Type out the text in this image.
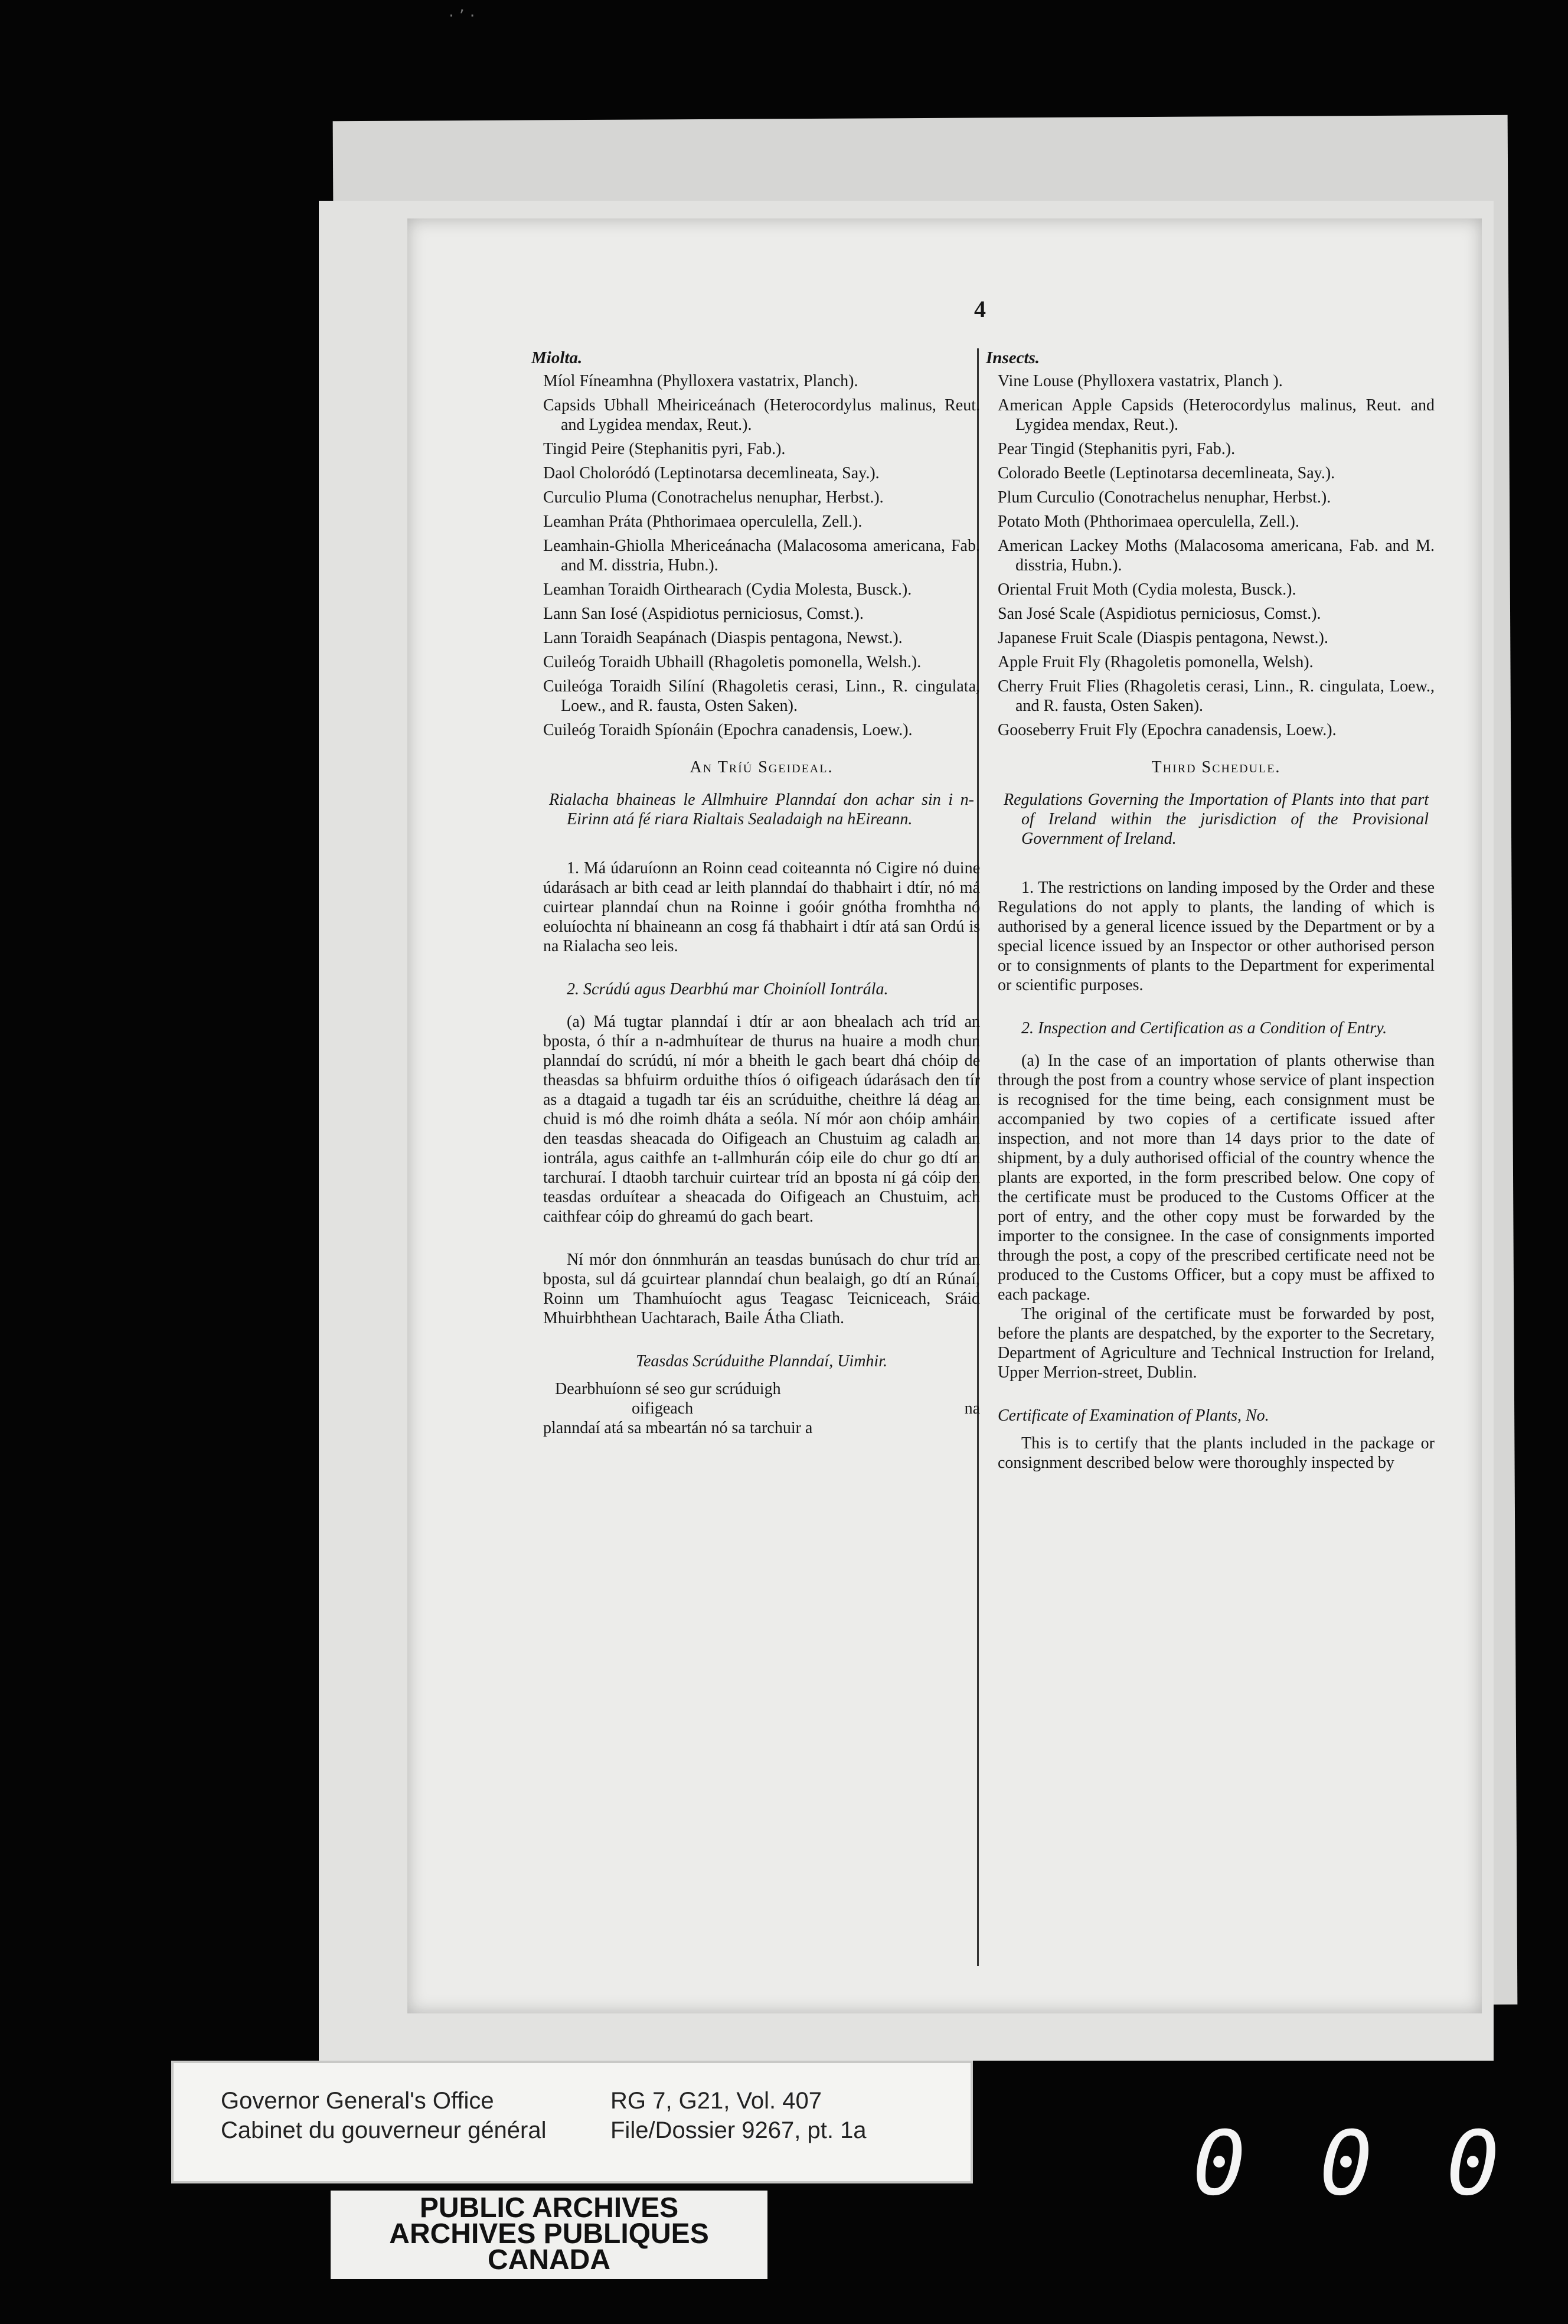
· ’ ·
4
Miolta.
Míol Fíneamhna (Phylloxera vastatrix, Planch).
Capsids Ubhall Mheiriceánach (Heterocordylus malinus, Reut. and Lygidea mendax, Reut.).
Tingid Peire (Stephanitis pyri, Fab.).
Daol Choloródó (Leptinotarsa decemlineata, Say.).
Curculio Pluma (Conotrachelus nenuphar, Herbst.).
Leamhan Práta (Phthorimaea operculella, Zell.).
Leamhain-Ghiolla Mhericeánacha (Malacosoma americana, Fab. and M. disstria, Hubn.).
Leamhan Toraidh Oirthearach (Cydia Molesta, Busck.).
Lann San Iosé (Aspidiotus perniciosus, Comst.).
Lann Toraidh Seapánach (Diaspis pentagona, Newst.).
Cuileóg Toraidh Ubhaill (Rhagoletis pomonella, Welsh.).
Cuileóga Toraidh Silíní (Rhagoletis cerasi, Linn., R. cingulata, Loew., and R. fausta, Osten Saken).
Cuileóg Toraidh Spíonáin (Epochra canadensis, Loew.).
An Tríú Sgeideal.
Rialacha bhaineas le Allmhuire Planndaí don achar sin i n-Eirinn atá fé riara Rialtais Sealadaigh na hEireann.
1. Má údaruíonn an Roinn cead coiteannta nó Cigire nó duine údarásach ar bith cead ar leith planndaí do thabhairt i dtír, nó má cuirtear planndaí chun na Roinne i goóir gnótha fromhtha nó eoluíochta ní bhaineann an cosg fá thabhairt i dtír atá san Ordú is na Rialacha seo leis.
2. Scrúdú agus Dearbhú mar Choiníoll Iontrála.
(a) Má tugtar planndaí i dtír ar aon bhealach ach tríd an bposta, ó thír a n-admhuítear de thurus na huaire a modh chun planndaí do scrúdú, ní mór a bheith le gach beart dhá chóip de theasdas sa bhfuirm orduithe thíos ó oifigeach údarásach den tír as a dtagaid a tugadh tar éis an scrúduithe, cheithre lá déag an chuid is mó dhe roimh dháta a seóla. Ní mór aon chóip amháin den teasdas sheacada do Oifigeach an Chustuim ag caladh an iontrála, agus caithfe an t-allmhurán cóip eile do chur go dtí an tarchuraí. I dtaobh tarchuir cuirtear tríd an bposta ní gá cóip den teasdas orduítear a sheacada do Oifigeach an Chustuim, ach caithfear cóip do ghreamú do gach beart.
Ní mór don ónnmhurán an teasdas bunúsach do chur tríd an bposta, sul dá gcuirtear planndaí chun bealaigh, go dtí an Rúnaí, Roinn um Thamhuíocht agus Teagasc Teicniceach, Sráid Mhuirbhthean Uachtarach, Baile Átha Cliath.
Teasdas Scrúduithe Planndaí, Uimhir.
Dearbhuíonn sé seo gur scrúduigh
oifigeach	na
planndaí atá sa mbeartán nó sa tarchuir a
Insects.
Vine Louse (Phylloxera vastatrix, Planch ).
American Apple Capsids (Heterocordylus malinus, Reut. and Lygidea mendax, Reut.).
Pear Tingid (Stephanitis pyri, Fab.).
Colorado Beetle (Leptinotarsa decemlineata, Say.).
Plum Curculio (Conotrachelus nenuphar, Herbst.).
Potato Moth (Phthorimaea operculella, Zell.).
American Lackey Moths (Malacosoma americana, Fab. and M. disstria, Hubn.).
Oriental Fruit Moth (Cydia molesta, Busck.).
San José Scale (Aspidiotus perniciosus, Comst.).
Japanese Fruit Scale (Diaspis pentagona, Newst.).
Apple Fruit Fly (Rhagoletis pomonella, Welsh).
Cherry Fruit Flies (Rhagoletis cerasi, Linn., R. cingulata, Loew., and R. fausta, Osten Saken).
Gooseberry Fruit Fly (Epochra canadensis, Loew.).
Third Schedule.
Regulations Governing the Importation of Plants into that part of Ireland within the jurisdiction of the Provisional Government of Ireland.
1. The restrictions on landing imposed by the Order and these Regulations do not apply to plants, the landing of which is authorised by a general licence issued by the Department or by a special licence issued by an Inspector or other authorised person or to consignments of plants to the Department for experimental or scientific purposes.
2. Inspection and Certification as a Condition of Entry.
(a) In the case of an importation of plants otherwise than through the post from a country whose service of plant inspection is recognised for the time being, each consignment must be accompanied by two copies of a certificate issued after inspection, and not more than 14 days prior to the date of shipment, by a duly authorised official of the country whence the plants are exported, in the form prescribed below. One copy of the certificate must be produced to the Customs Officer at the port of entry, and the other copy must be forwarded by the importer to the consignee. In the case of consignments imported through the post, a copy of the prescribed certificate need not be produced to the Customs Officer, but a copy must be affixed to each package.
The original of the certificate must be forwarded by post, before the plants are despatched, by the exporter to the Secretary, Department of Agriculture and Technical Instruction for Ireland, Upper Merrion-street, Dublin.
Certificate of Examination of Plants, No.
This is to certify that the plants included in the package or consignment described below were thoroughly inspected by
Governor General's Office
Cabinet du gouverneur général
RG 7, G21, Vol. 407
File/Dossier 9267, pt. 1a
PUBLIC ARCHIVES
ARCHIVES PUBLIQUES
CANADA
0 0 0
